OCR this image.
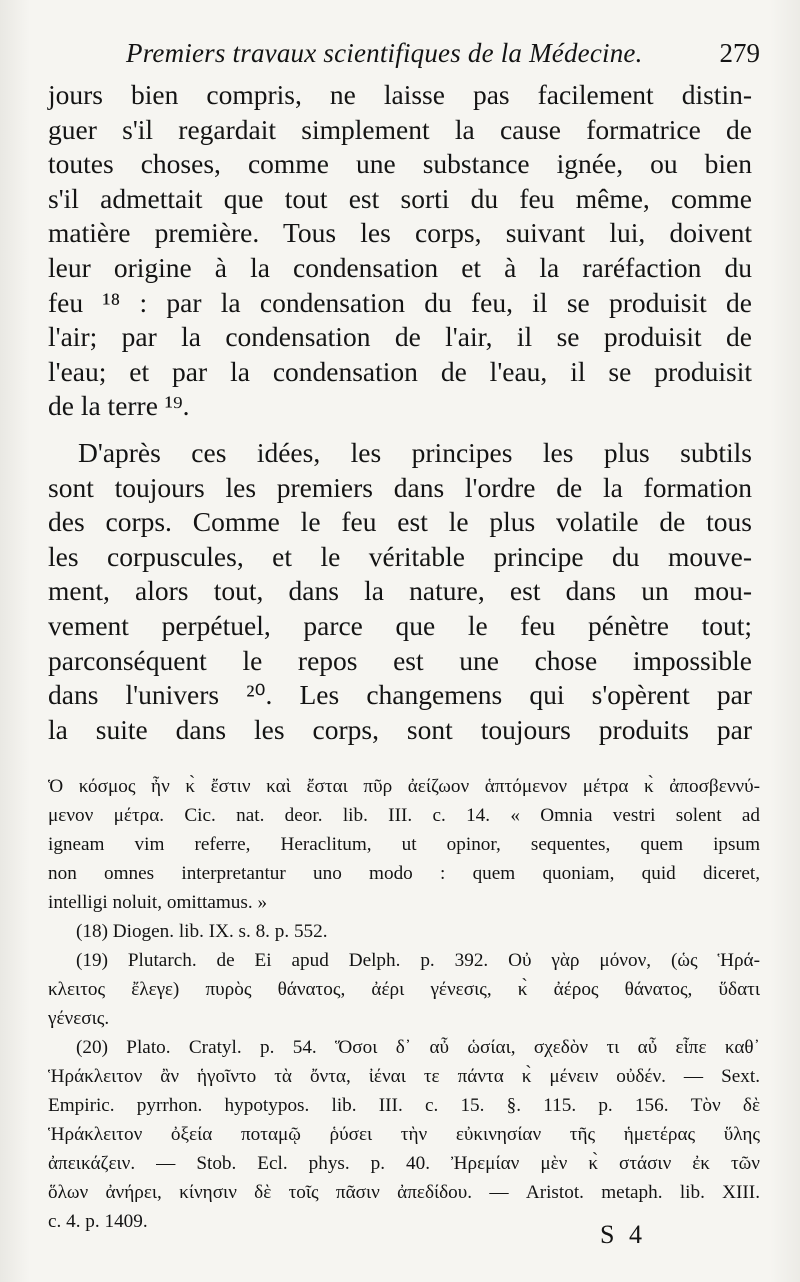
Premiers travaux scientifiques de la Médecine.	279
jours bien compris, ne laisse pas facilement distin-
guer s'il regardait simplement la cause formatrice de
toutes choses, comme une substance ignée, ou bien
s'il admettait que tout est sorti du feu même, comme
matière première. Tous les corps, suivant lui, doivent
leur origine à la condensation et à la raréfaction du
feu ¹⁸ : par la condensation du feu, il se produisit de
l'air; par la condensation de l'air, il se produisit de
l'eau; et par la condensation de l'eau, il se produisit
de la terre ¹⁹.
D'après ces idées, les principes les plus subtils
sont toujours les premiers dans l'ordre de la formation
des corps. Comme le feu est le plus volatile de tous
les corpuscules, et le véritable principe du mouve-
ment, alors tout, dans la nature, est dans un mou-
vement perpétuel, parce que le feu pénètre tout;
parconséquent le repos est une chose impossible
dans l'univers ²⁰. Les changemens qui s'opèrent par
la suite dans les corps, sont toujours produits par
Ὁ κόσμος ἦν κ̀ ἔστιν καὶ ἔσται πῦρ ἀείζωον ἁπτόμενον μέτρα κ̀ ἀποσβεννύ-
μενον μέτρα. Cic. nat. deor. lib. III. c. 14. « Omnia vestri solent ad
igneam vim referre, Heraclitum, ut opinor, sequentes, quem ipsum
non omnes interpretantur uno modo : quem quoniam, quid diceret,
intelligi noluit, omittamus. »
(18) Diogen. lib. IX. s. 8. p. 552.
(19) Plutarch. de Ei apud Delph. p. 392. Οὐ γὰρ μόνον, (ὡς Ἡρά-
κλειτος ἔλεγε) πυρὸς θάνατος, ἀέρι γένεσις, κ̀ ἀέρος θάνατος, ὕδατι
γένεσις.
(20) Plato. Cratyl. p. 54. Ὅσοι δ᾽ αὖ ὡσίαι, σχεδὸν τι αὖ εἶπε καθ᾽
Ἡράκλειτον ἂν ἡγοῖντο τὰ ὄντα, ἰέναι τε πάντα κ̀ μένειν οὐδέν. — Sext.
Empiric. pyrrhon. hypotypos. lib. III. c. 15. §. 115. p. 156. Τὸν δὲ
Ἡράκλειτον ὀξεία ποταμῷ ῥύσει τὴν εὐκινησίαν τῆς ἡμετέρας ὕλης
ἀπεικάζειν. — Stob. Ecl. phys. p. 40. Ἠρεμίαν μὲν κ̀ στάσιν ἐκ τῶν
ὅλων ἀνήρει, κίνησιν δὲ τοῖς πᾶσιν ἀπεδίδου. — Aristot. metaph. lib. XIII.
c. 4. p. 1409.	S 4
